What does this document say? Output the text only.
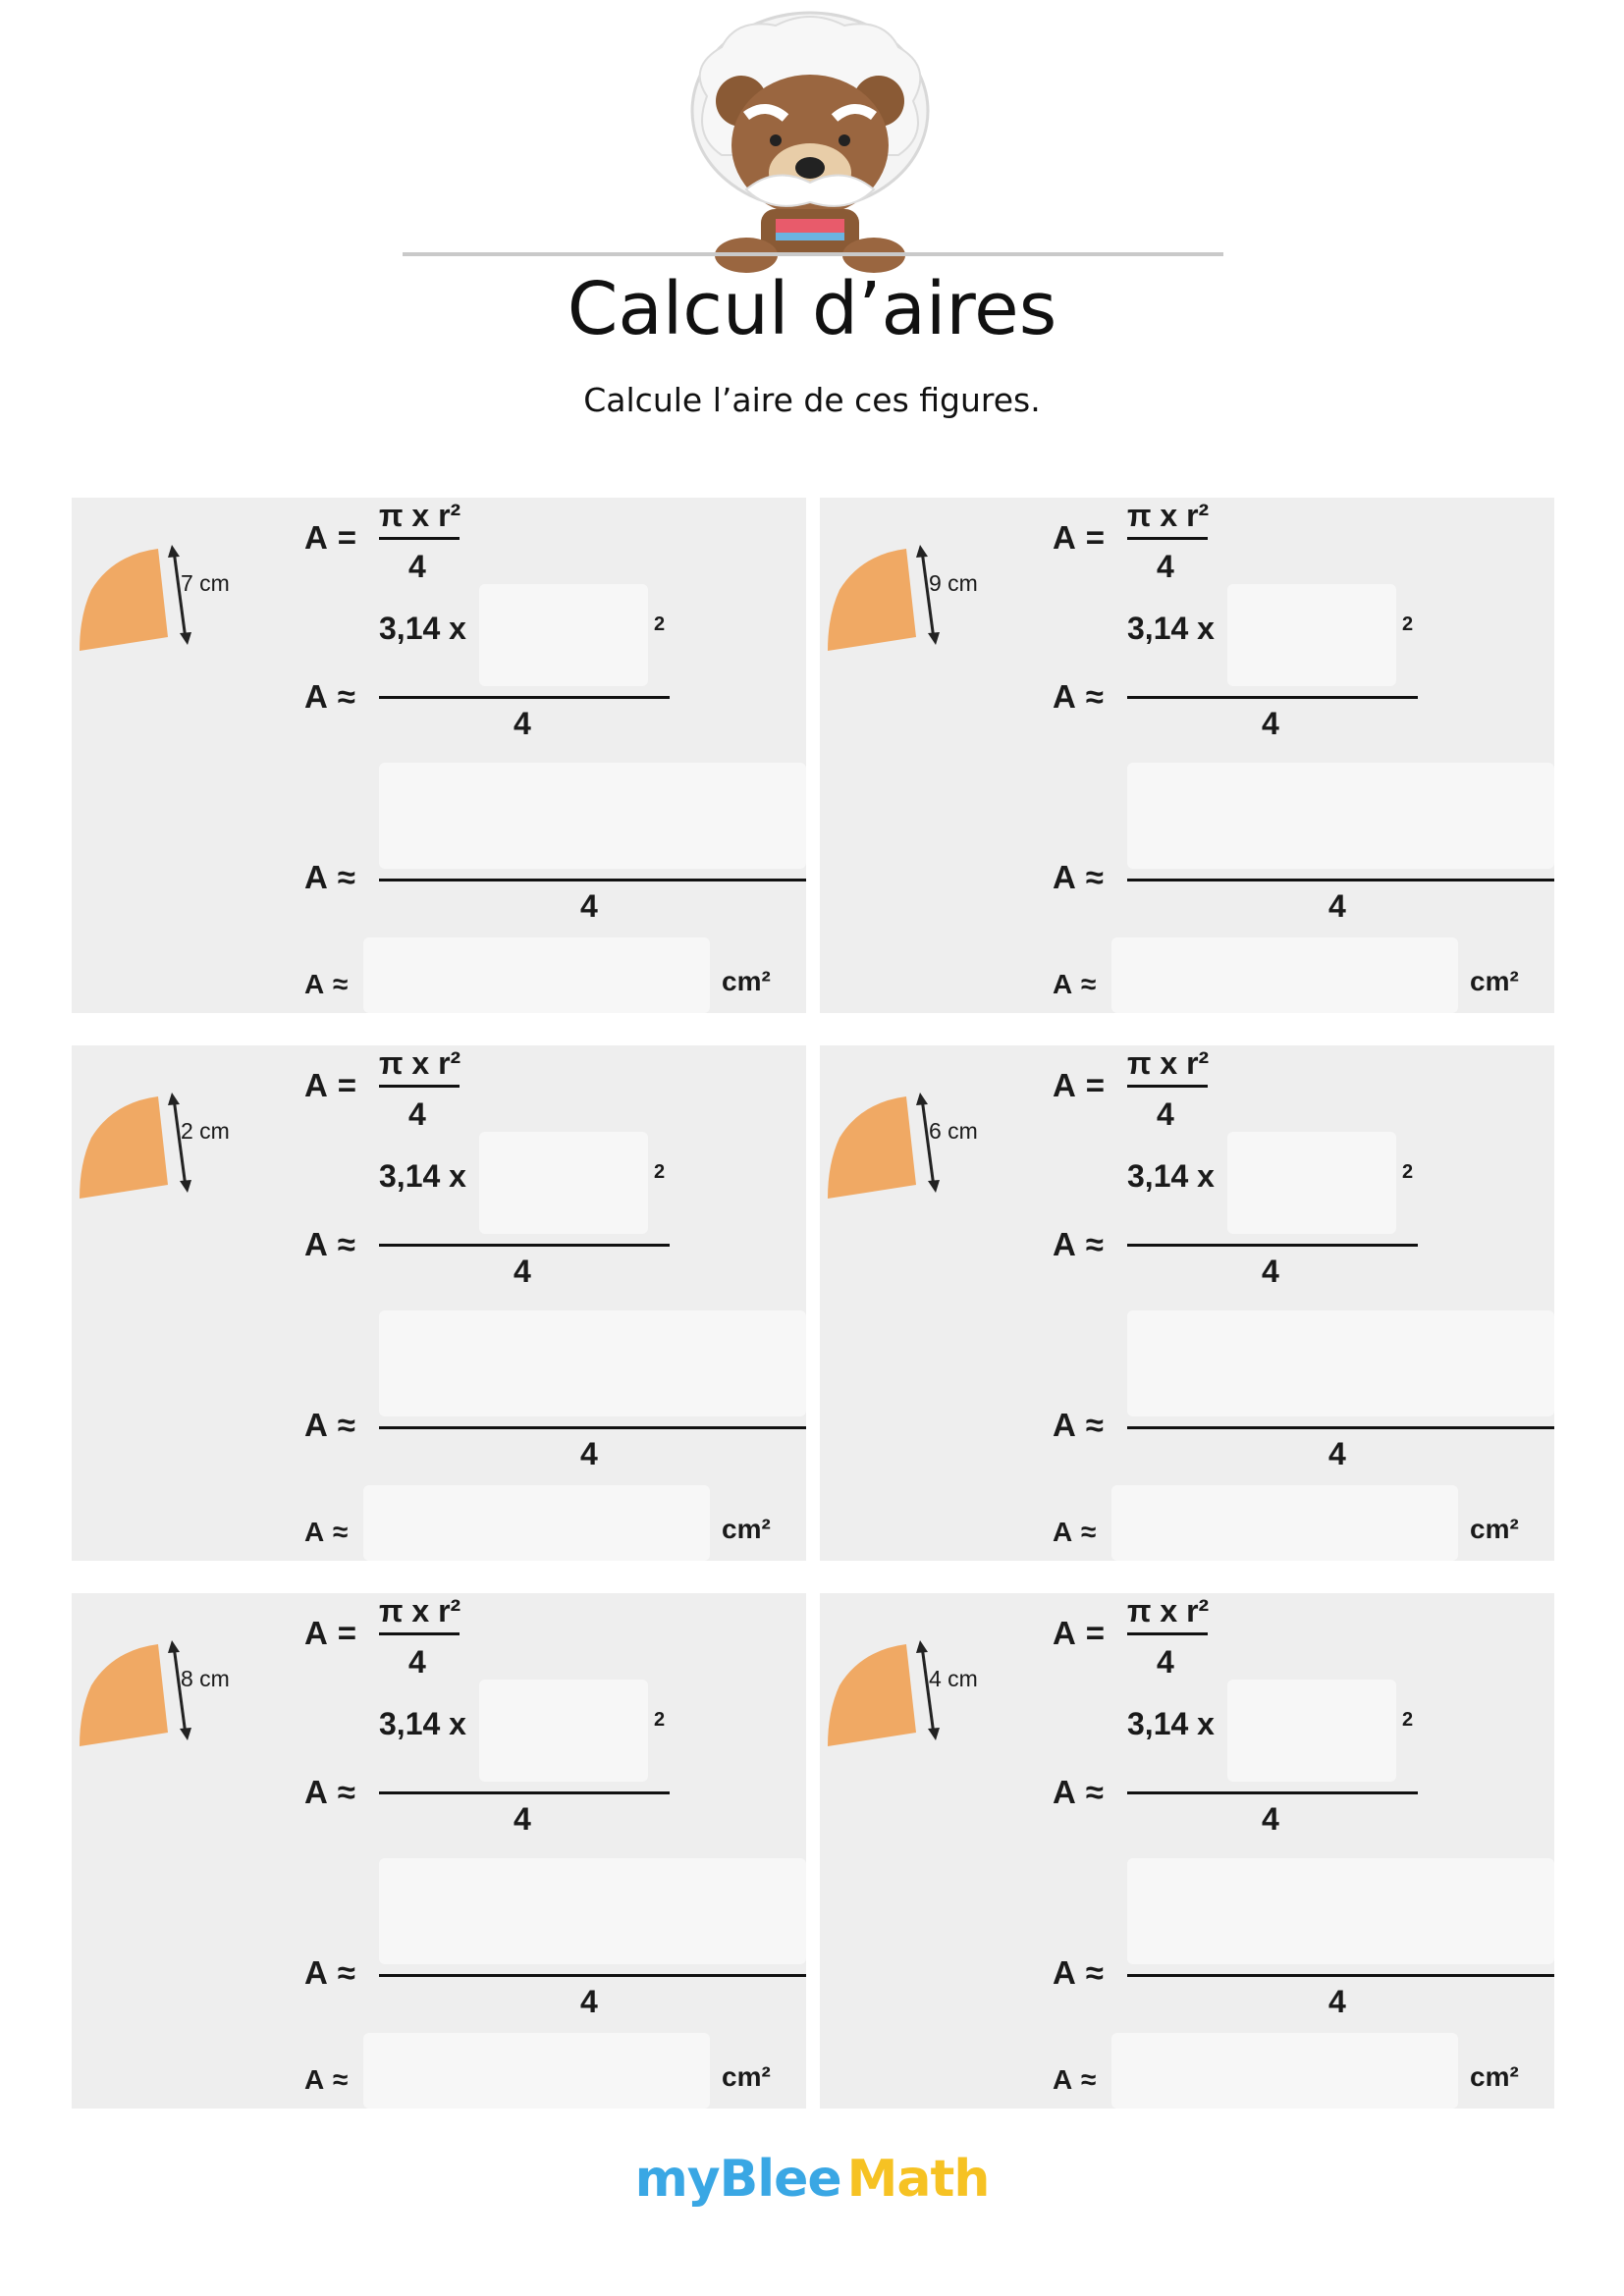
Calcul d’aires
Calcule l’aire de ces figures.
7 cm
A =
π x r²
4
3,14 x	2
A ≈
4
A ≈
4
A ≈	cm²
9 cm
A =
π x r²
4
3,14 x	2
A ≈
4
A ≈
4
A ≈	cm²
2 cm
A =
π x r²
4
3,14 x	2
A ≈
4
A ≈
4
A ≈	cm²
6 cm
A =
π x r²
4
3,14 x	2
A ≈
4
A ≈
4
A ≈	cm²
8 cm
A =
π x r²
4
3,14 x	2
A ≈
4
A ≈
4
A ≈	cm²
4 cm
A =
π x r²
4
3,14 x	2
A ≈
4
A ≈
4
A ≈	cm²
myBlee Math
